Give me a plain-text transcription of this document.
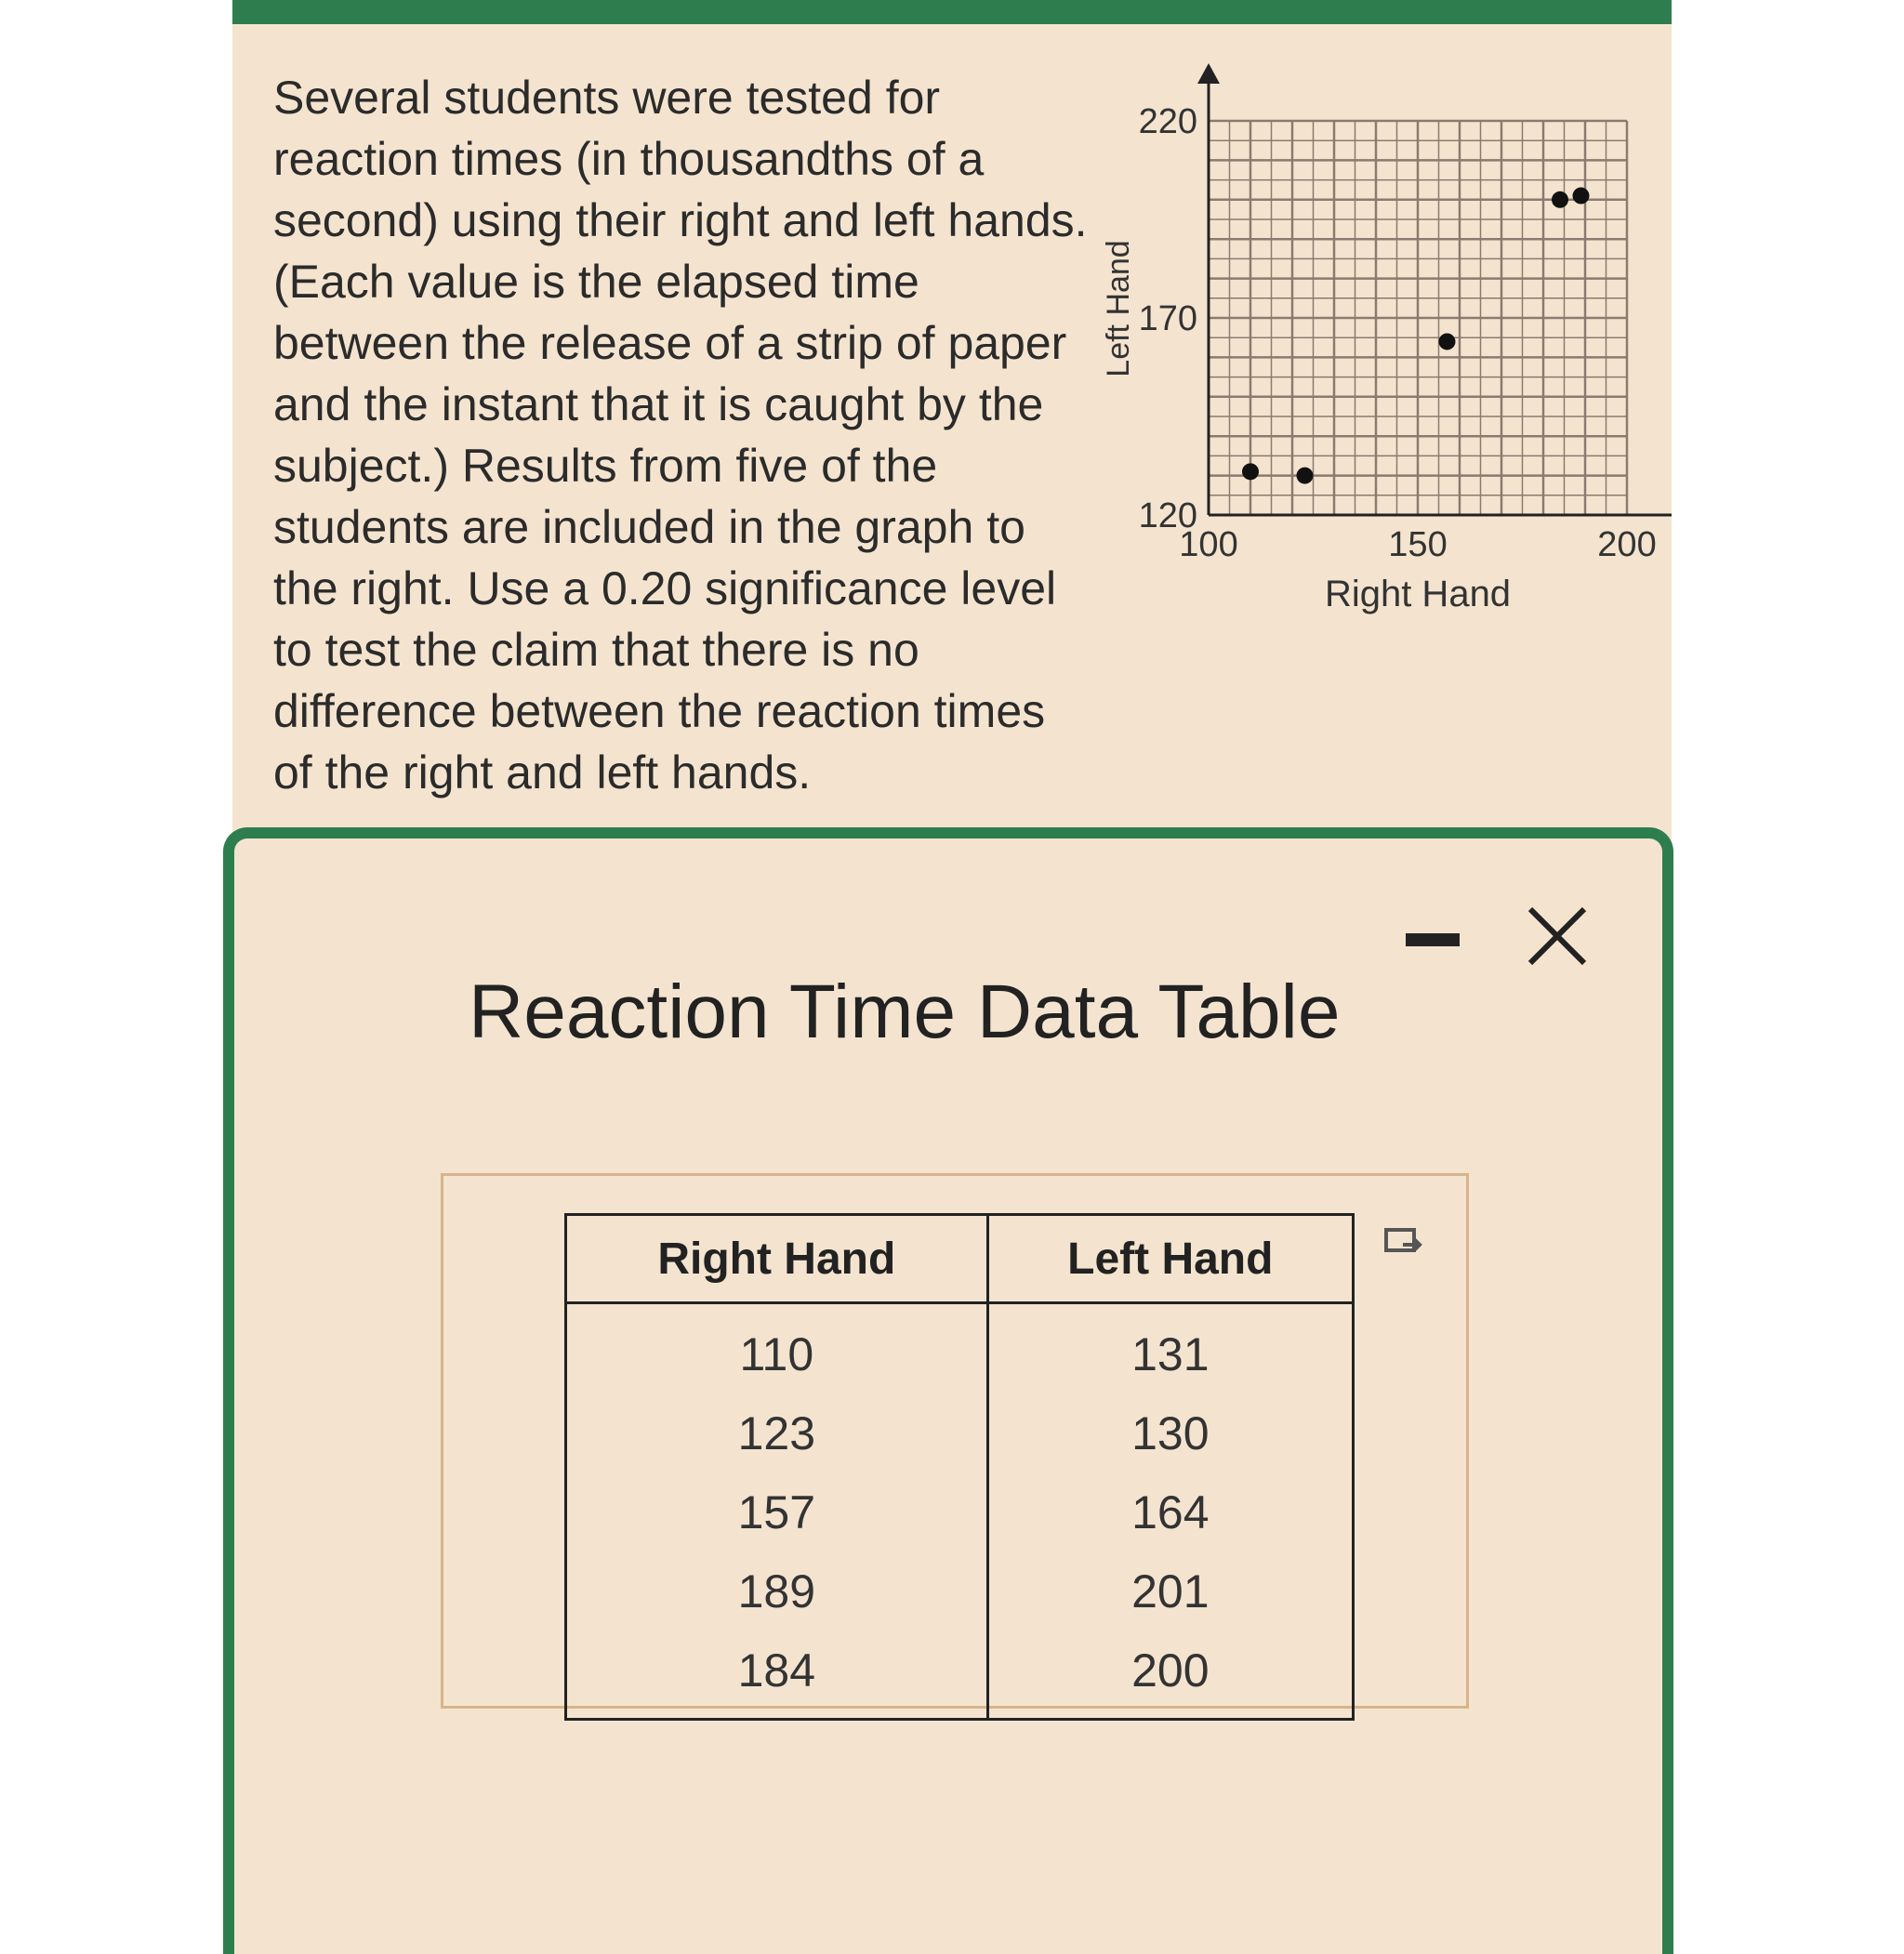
Several students were tested for reaction times (in thousandths of a second) using their right and left hands. (Each value is the elapsed time between the release of a strip of paper and the instant that it is caught by the subject.) Results from five of the students are included in the graph to the right. Use a 0.20 significance level to test the claim that there is no difference between the reaction times of the right and left hands.
120
170
220
100	150	200
Right Hand
Left Hand
Reaction Time Data Table
Right Hand	Left Hand
110	131
123	130
157	164
189	201
184	200
